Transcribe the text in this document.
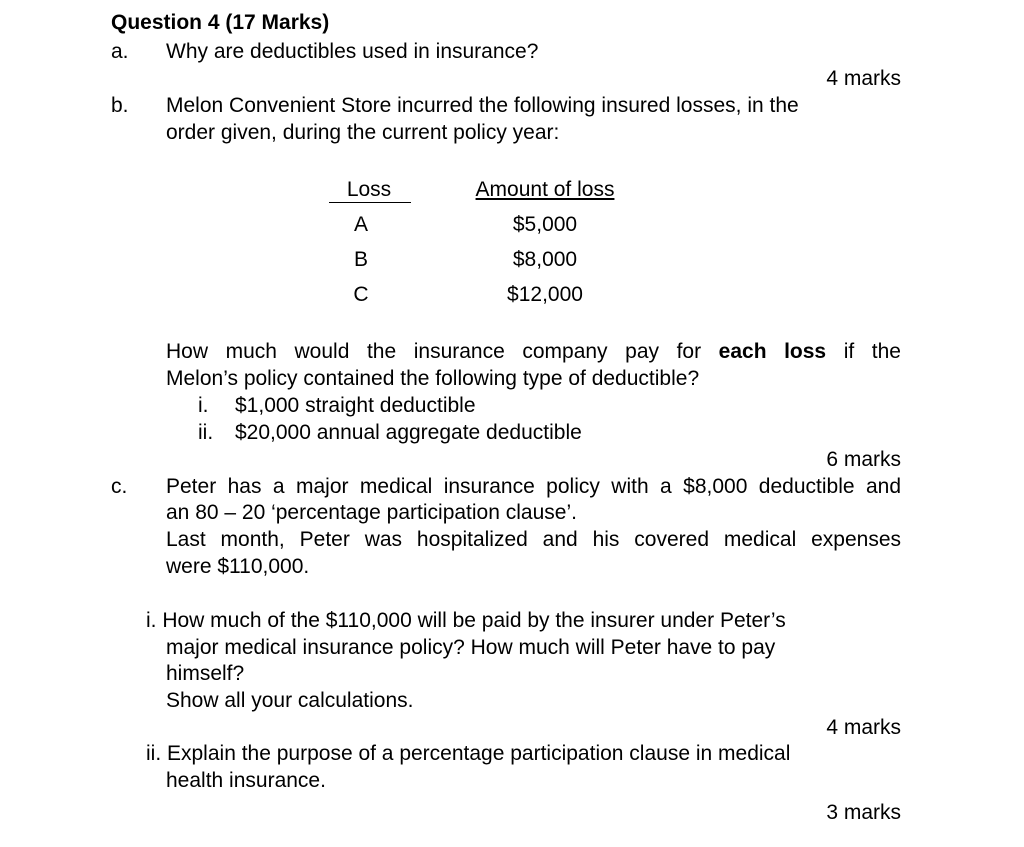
Question 4 (17 Marks)
a. Why are deductibles used in insurance?
4 marks
b. Melon Convenient Store incurred the following insured losses, in the
order given, during the current policy year:
Loss	Amount of loss
A	$5,000
B	$8,000
C	$12,000
How much would the insurance company pay for each loss if the
Melon’s policy contained the following type of deductible?
i. $1,000 straight deductible
ii. $20,000 annual aggregate deductible
6 marks
c. Peter has a major medical insurance policy with a $8,000 deductible and
an 80 – 20 ‘percentage participation clause’.
Last month, Peter was hospitalized and his covered medical expenses
were $110,000.
i. How much of the $110,000 will be paid by the insurer under Peter’s
major medical insurance policy? How much will Peter have to pay
himself?
Show all your calculations.
4 marks
ii. Explain the purpose of a percentage participation clause in medical
health insurance.
3 marks
